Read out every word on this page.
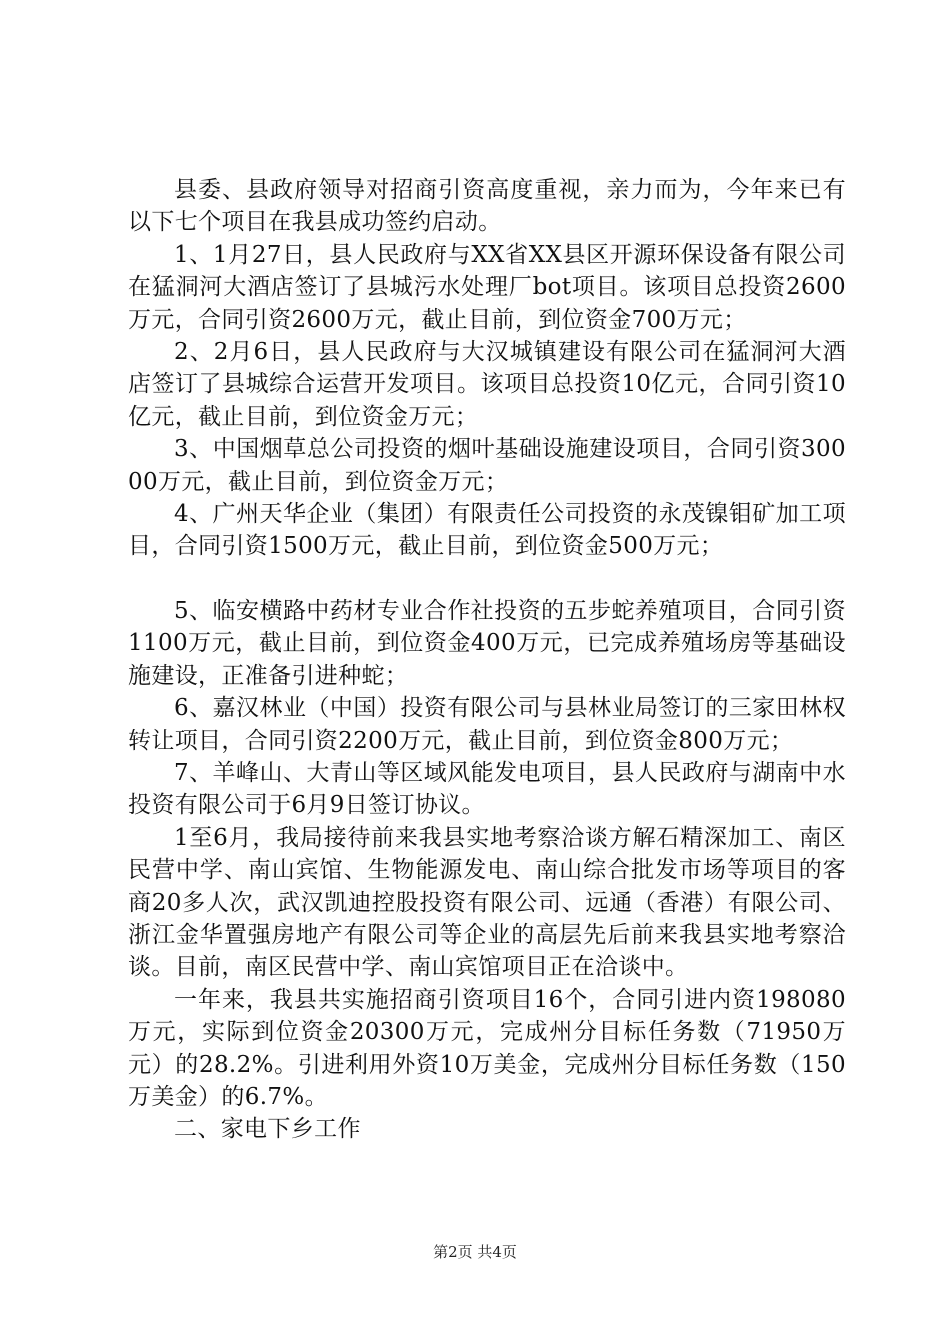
县委、县政府领导对招商引资高度重视，亲力而为，今年来已有以下七个项目在我县成功签约启动。

1、1月27日，县人民政府与XX省XX县区开源环保设备有限公司在猛洞河大酒店签订了县城污水处理厂bot项目。该项目总投资2600万元，合同引资2600万元，截止目前，到位资金700万元；

2、2月6日，县人民政府与大汉城镇建设有限公司在猛洞河大酒店签订了县城综合运营开发项目。该项目总投资10亿元，合同引资10亿元，截止目前，到位资金万元；

3、中国烟草总公司投资的烟叶基础设施建设项目，合同引资30000万元，截止目前，到位资金万元；

4、广州天华企业（集团）有限责任公司投资的永茂镍钼矿加工项目，合同引资1500万元，截止目前，到位资金500万元；

5、临安横路中药材专业合作社投资的五步蛇养殖项目，合同引资1100万元，截止目前，到位资金400万元，已完成养殖场房等基础设施建设，正准备引进种蛇；

6、嘉汉林业（中国）投资有限公司与县林业局签订的三家田林权转让项目，合同引资2200万元，截止目前，到位资金800万元；

7、羊峰山、大青山等区域风能发电项目，县人民政府与湖南中水投资有限公司于6月9日签订协议。

1至6月，我局接待前来我县实地考察洽谈方解石精深加工、南区民营中学、南山宾馆、生物能源发电、南山综合批发市场等项目的客商20多人次，武汉凯迪控股投资有限公司、远通（香港）有限公司、浙江金华置强房地产有限公司等企业的高层先后前来我县实地考察洽谈。目前，南区民营中学、南山宾馆项目正在洽谈中。

一年来，我县共实施招商引资项目16个，合同引进内资198080万元，实际到位资金20300万元，完成州分目标任务数（71950万元）的28.2%。引进利用外资10万美金，完成州分目标任务数（150万美金）的6.7%。

二、家电下乡工作

第2页 共4页
